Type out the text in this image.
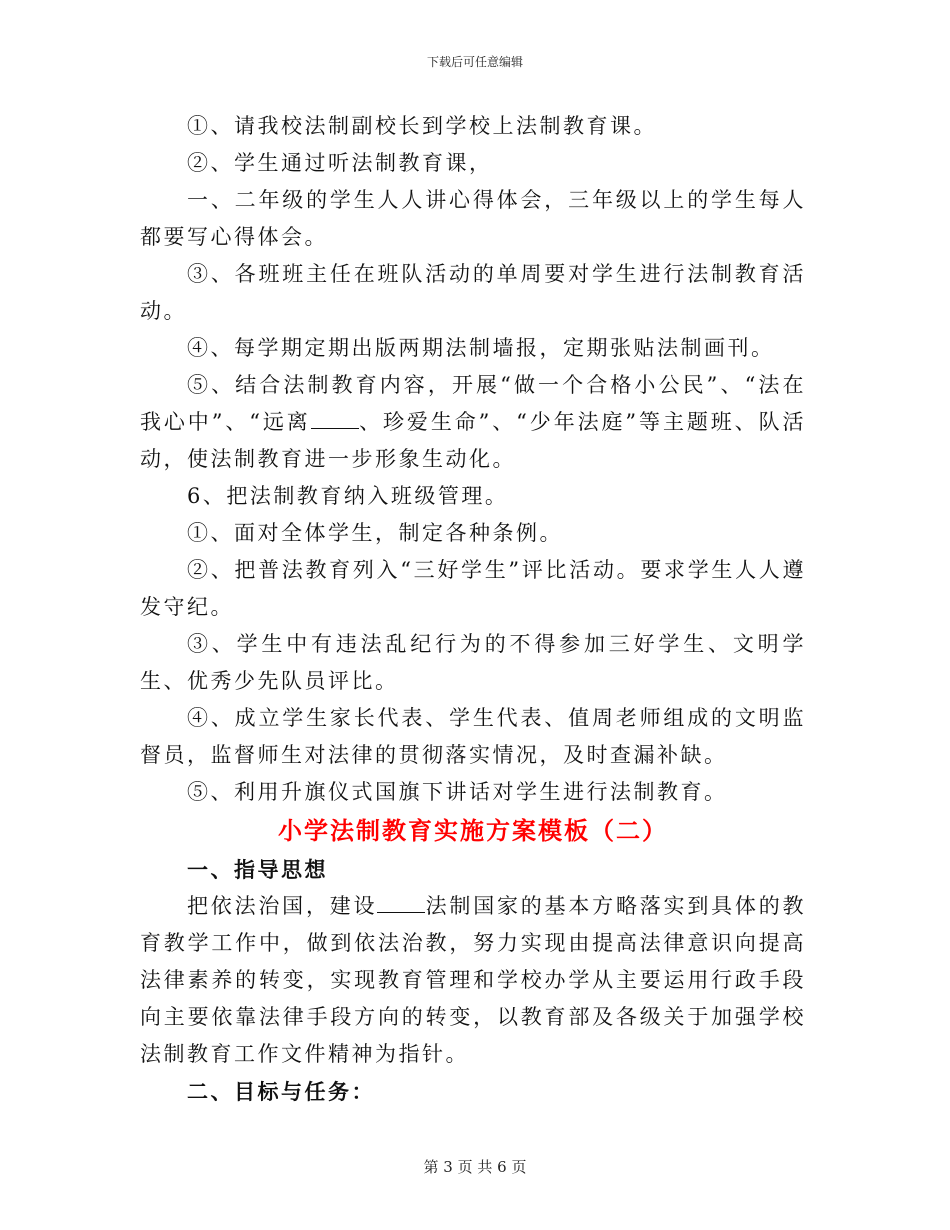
下载后可任意编辑

①、请我校法制副校长到学校上法制教育课。

②、学生通过听法制教育课，

一、二年级的学生人人讲心得体会，三年级以上的学生每人都要写心得体会。

③、各班班主任在班队活动的单周要对学生进行法制教育活动。

④、每学期定期出版两期法制墙报，定期张贴法制画刊。

⑤、结合法制教育内容，开展“做一个合格小公民”、“法在我心中”、“远离 、珍爱生命”、“少年法庭”等主题班、队活动，使法制教育进一步形象生动化。

6、把法制教育纳入班级管理。

①、面对全体学生，制定各种条例。

②、把普法教育列入“三好学生”评比活动。要求学生人人遵发守纪。

③、学生中有违法乱纪行为的不得参加三好学生、文明学生、优秀少先队员评比。

④、成立学生家长代表、学生代表、值周老师组成的文明监督员，监督师生对法律的贯彻落实情况，及时查漏补缺。

⑤、利用升旗仪式国旗下讲话对学生进行法制教育。

小学法制教育实施方案模板（二）

一、指导思想

把依法治国，建设 法制国家的基本方略落实到具体的教育教学工作中，做到依法治教，努力实现由提高法律意识向提高法律素养的转变，实现教育管理和学校办学从主要运用行政手段向主要依靠法律手段方向的转变，以教育部及各级关于加强学校法制教育工作文件精神为指针。

二、目标与任务：

第 3 页 共 6 页
